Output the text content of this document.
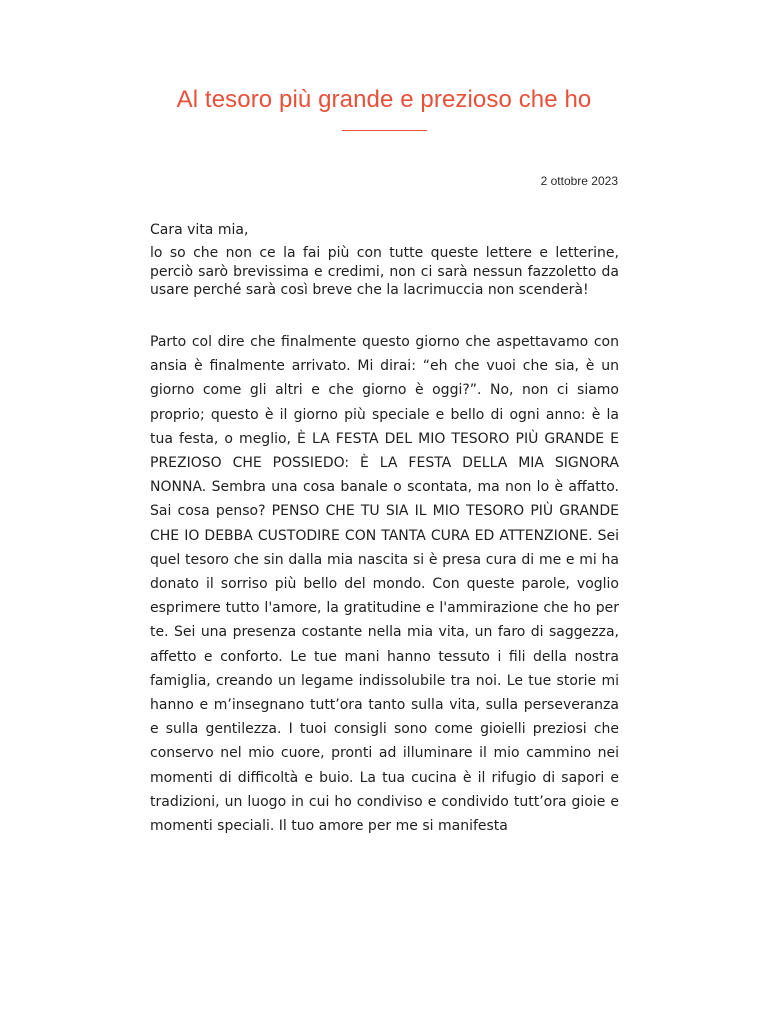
Al tesoro più grande e prezioso che ho
2 ottobre 2023

Cara vita mia,

lo so che non ce la fai più con tutte queste lettere e letterine, perciò sarò brevissima e credimi, non ci sarà nessun fazzoletto da usare perché sarà così breve che la lacrimuccia non scenderà!

Parto col dire che finalmente questo giorno che aspettavamo con ansia è finalmente arrivato. Mi dirai: “eh che vuoi che sia, è un giorno come gli altri e che giorno è oggi?”. No, non ci siamo proprio; questo è il giorno più speciale e bello di ogni anno: è la tua festa, o meglio, È LA FESTA DEL MIO TESORO PIÙ GRANDE E PREZIOSO CHE POSSIEDO: È LA FESTA DELLA MIA SIGNORA NONNA. Sembra una cosa banale o scontata, ma non lo è affatto. Sai cosa penso? PENSO CHE TU SIA IL MIO TESORO PIÙ GRANDE CHE IO DEBBA CUSTODIRE CON TANTA CURA ED ATTENZIONE. Sei quel tesoro che sin dalla mia nascita si è presa cura di me e mi ha donato il sorriso più bello del mondo. Con queste parole, voglio esprimere tutto l'amore, la gratitudine e l'ammirazione che ho per te. Sei una presenza costante nella mia vita, un faro di saggezza, affetto e conforto. Le tue mani hanno tessuto i fili della nostra famiglia, creando un legame indissolubile tra noi. Le tue storie mi hanno e m’insegnano tutt’ora tanto sulla vita, sulla perseveranza e sulla gentilezza. I tuoi consigli sono come gioielli preziosi che conservo nel mio cuore, pronti ad illuminare il mio cammino nei momenti di difficoltà e buio. La tua cucina è il rifugio di sapori e tradizioni, un luogo in cui ho condiviso e condivido tutt’ora gioie e momenti speciali. Il tuo amore per me si manifesta
